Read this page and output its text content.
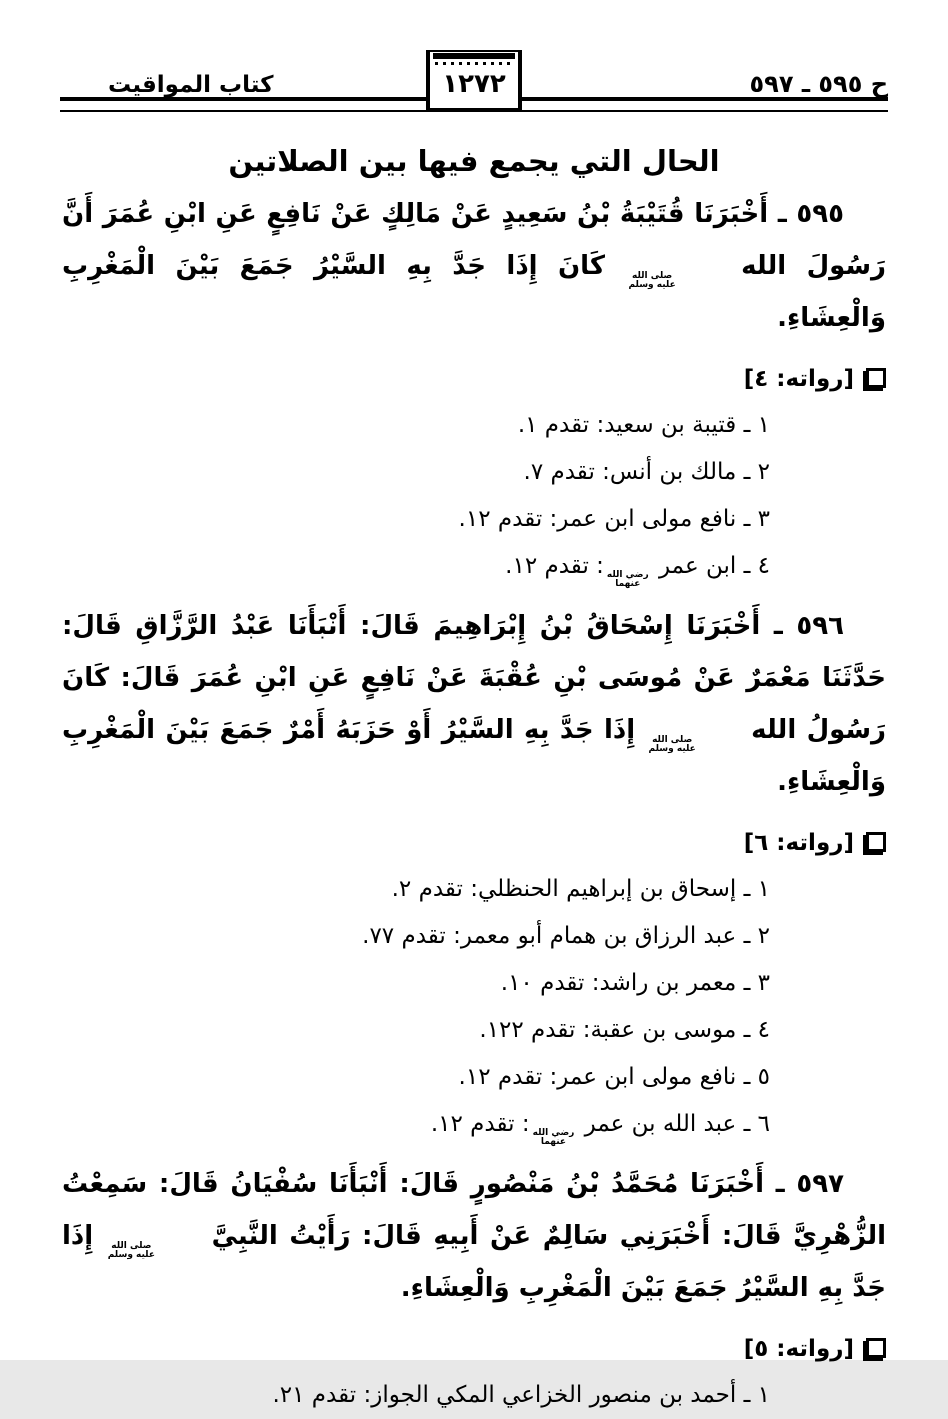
ح ٥٩٥ ـ ٥٩٧
١٢٧٢
كتاب المواقيت
الحال التي يجمع فيها بين الصلاتين

٥٩٥ ـ أَخْبَرَنَا قُتَيْبَةُ بْنُ سَعِيدٍ عَنْ مَالِكٍ عَنْ نَافِعٍ عَنِ ابْنِ عُمَرَ أَنَّ رَسُولَ الله
صلى الله
عليه وسلم
كَانَ إِذَا جَدَّ بِهِ السَّيْرُ جَمَعَ بَيْنَ الْمَغْرِبِ وَالْعِشَاءِ.

[رواته: ٤]
١ ـ قتيبة بن سعيد: تقدم ١.
٢ ـ مالك بن أنس: تقدم ٧.
٣ ـ نافع مولى ابن عمر: تقدم ١٢.
٤ ـ ابن عمر
رضي الله
عنهما
: تقدم ١٢.

٥٩٦ ـ أَخْبَرَنَا إِسْحَاقُ بْنُ إِبْرَاهِيمَ قَالَ: أَنْبَأَنَا عَبْدُ الرَّزَّاقِ قَالَ: حَدَّثَنَا مَعْمَرٌ عَنْ مُوسَى بْنِ عُقْبَةَ عَنْ نَافِعٍ عَنِ ابْنِ عُمَرَ قَالَ: كَانَ رَسُولُ الله
صلى الله
عليه وسلم
إِذَا جَدَّ بِهِ السَّيْرُ أَوْ حَزَبَهُ أَمْرٌ جَمَعَ بَيْنَ الْمَغْرِبِ وَالْعِشَاءِ.

[رواته: ٦]
١ ـ إسحاق بن إبراهيم الحنظلي: تقدم ٢.
٢ ـ عبد الرزاق بن همام أبو معمر: تقدم ٧٧.
٣ ـ معمر بن راشد: تقدم ١٠.
٤ ـ موسى بن عقبة: تقدم ١٢٢.
٥ ـ نافع مولى ابن عمر: تقدم ١٢.
٦ ـ عبد الله بن عمر
رضي الله
عنهما
: تقدم ١٢.

٥٩٧ ـ أَخْبَرَنَا مُحَمَّدُ بْنُ مَنْصُورٍ قَالَ: أَنْبَأَنَا سُفْيَانُ قَالَ: سَمِعْتُ الزُّهْرِيَّ قَالَ: أَخْبَرَنِي سَالِمٌ عَنْ أَبِيهِ قَالَ: رَأَيْتُ النَّبِيَّ
صلى الله
عليه وسلم
إِذَا جَدَّ بِهِ السَّيْرُ جَمَعَ بَيْنَ الْمَغْرِبِ وَالْعِشَاءِ.

[رواته: ٥]
١ ـ أحمد بن منصور الخزاعي المكي الجواز: تقدم ٢١.
